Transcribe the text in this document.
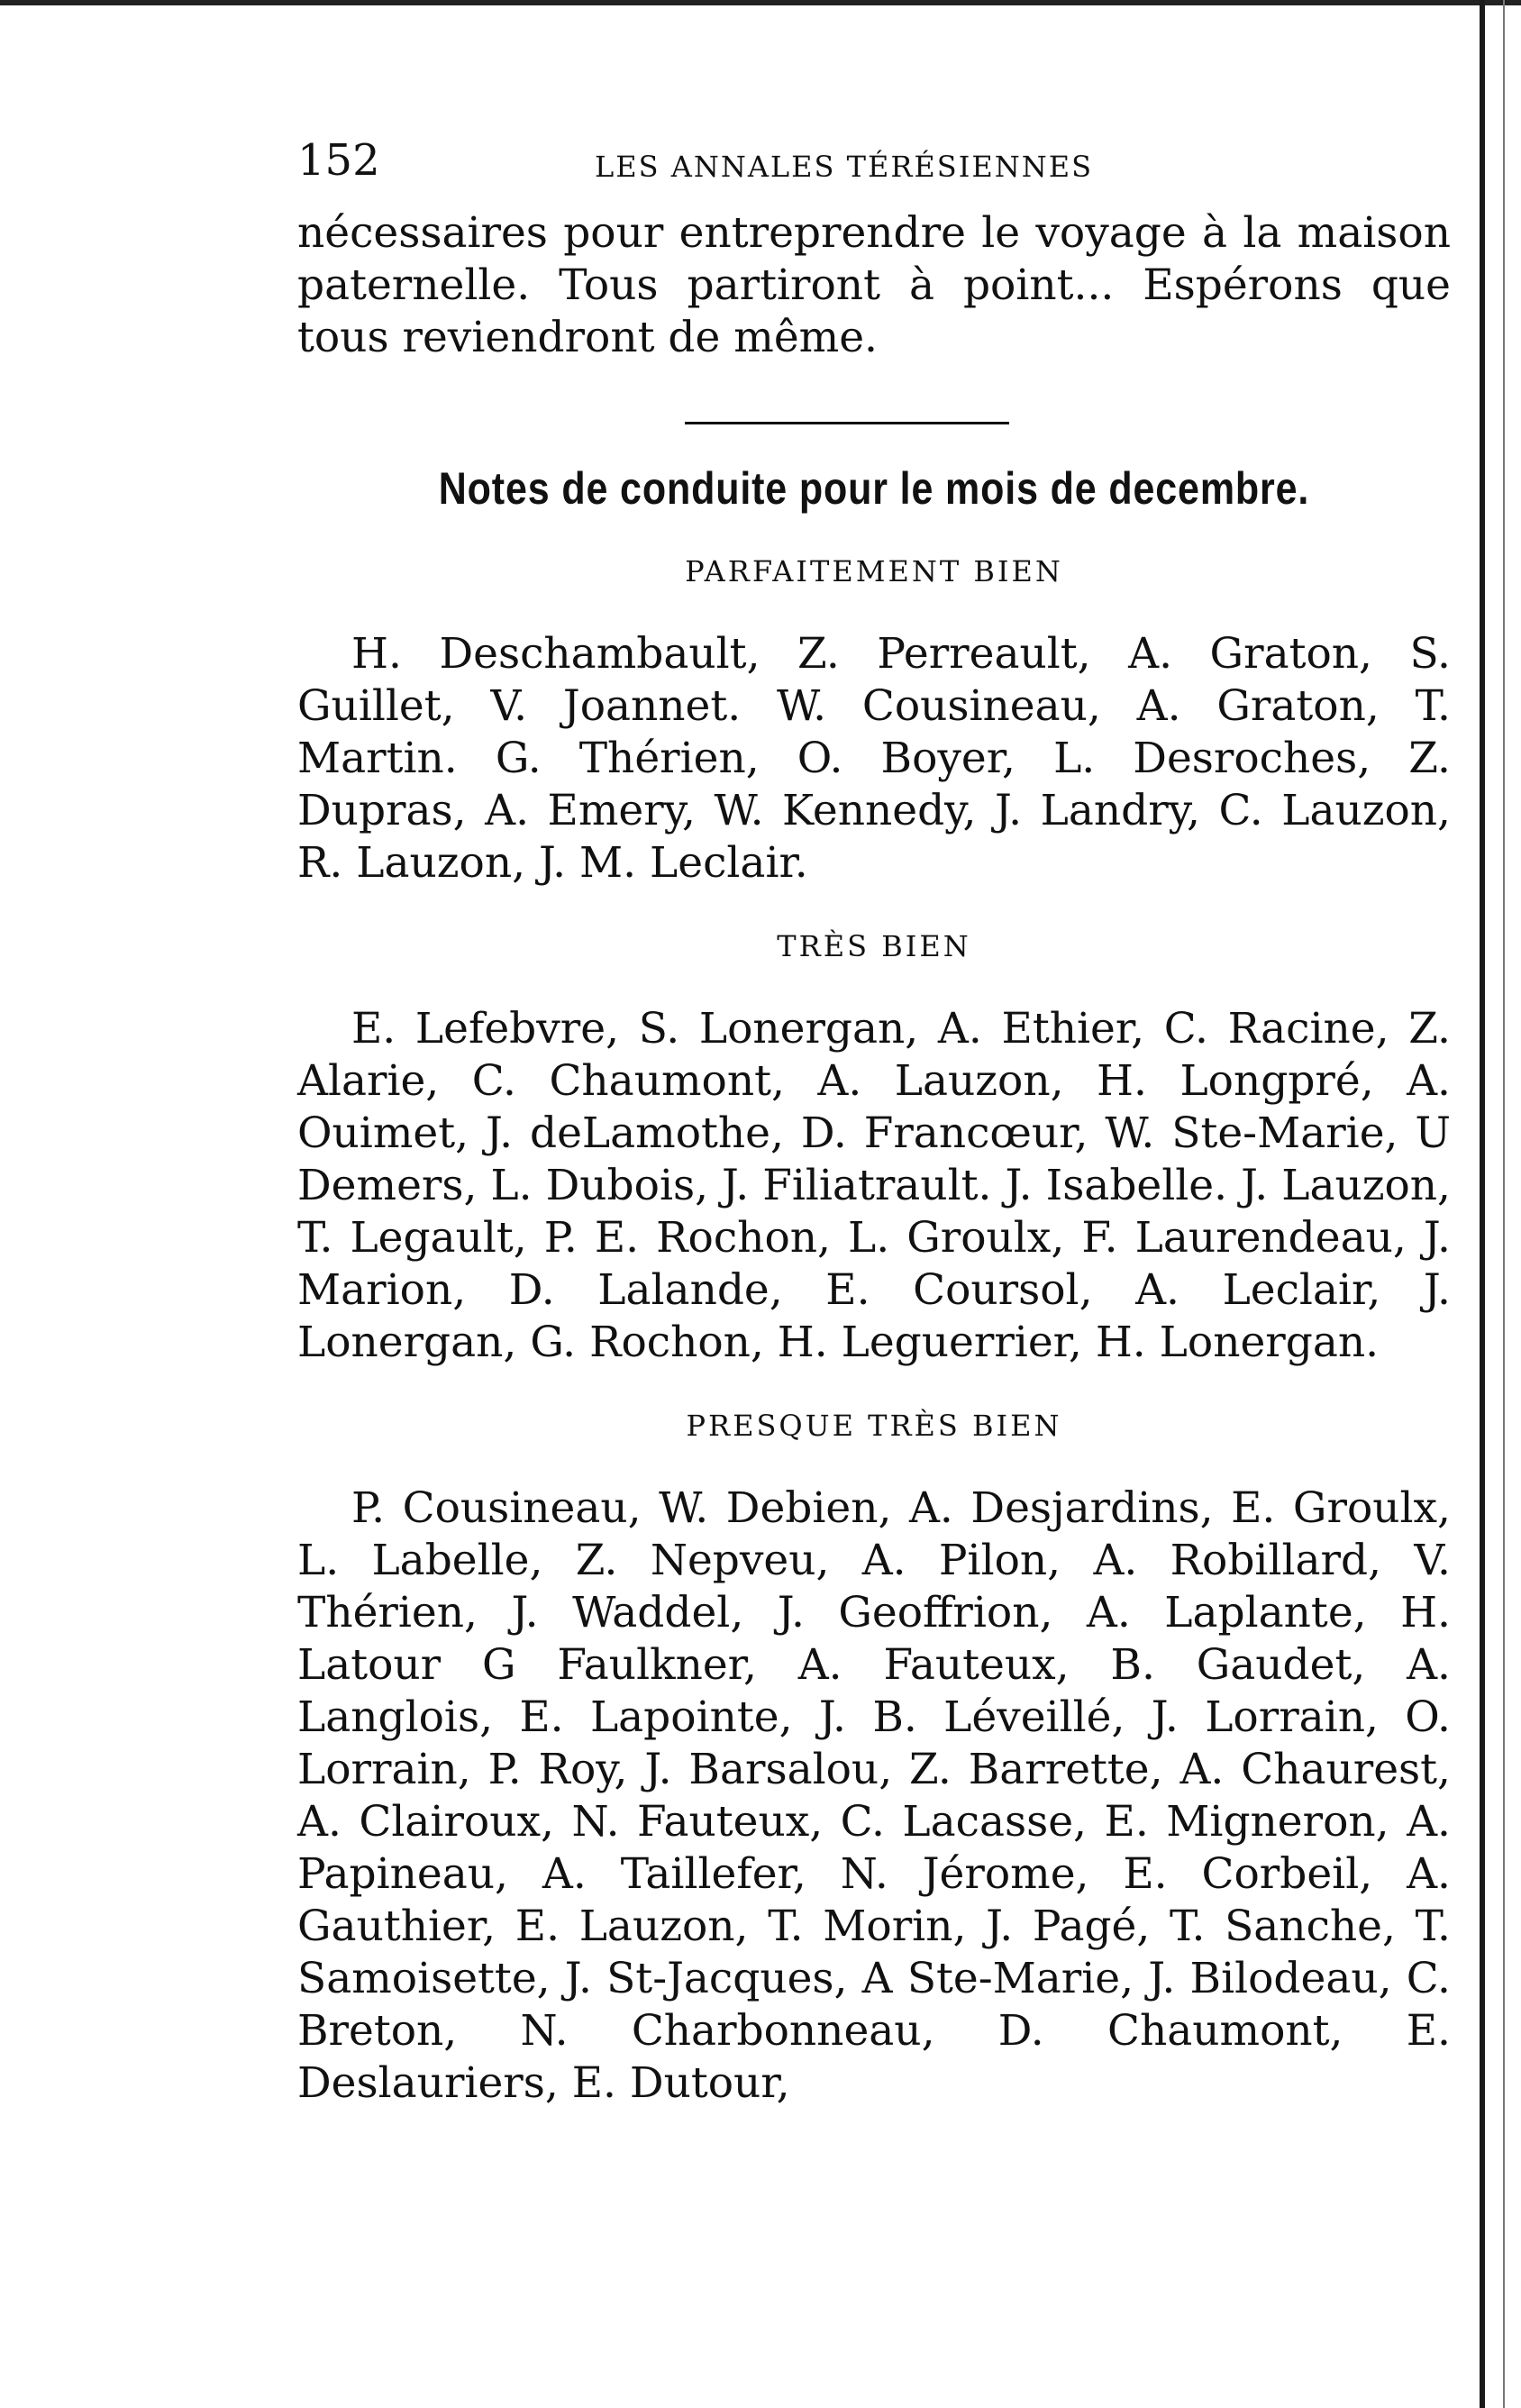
152	LES ANNALES TÉRÉSIENNES

nécessaires pour entreprendre le voyage à la maison paternelle. Tous partiront à point... Espérons que tous reviendront de même.

Notes de conduite pour le mois de decembre.
PARFAITEMENT BIEN

H. Deschambault, Z. Perreault, A. Graton, S. Guillet, V. Joannet. W. Cousineau, A. Graton, T. Martin. G. Thérien, O. Boyer, L. Desroches, Z. Dupras, A. Emery, W. Kennedy, J. Landry, C. Lauzon, R. Lauzon, J. M. Leclair.

TRÈS BIEN

E. Lefebvre, S. Lonergan, A. Ethier, C. Racine, Z. Alarie, C. Chaumont, A. Lauzon, H. Longpré, A. Ouimet, J. deLamothe, D. Francœur, W. Ste-Marie, U Demers, L. Dubois, J. Filiatrault. J. Isabelle. J. Lauzon, T. Legault, P. E. Rochon, L. Groulx, F. Laurendeau, J. Marion, D. Lalande, E. Coursol, A. Leclair, J. Lonergan, G. Rochon, H. Leguerrier, H. Lonergan.

PRESQUE TRÈS BIEN

P. Cousineau, W. Debien, A. Desjardins, E. Groulx, L. Labelle, Z. Nepveu, A. Pilon, A. Robillard, V. Thérien, J. Waddel, J. Geoffrion, A. Laplante, H. Latour G Faulkner, A. Fauteux, B. Gaudet, A. Langlois, E. Lapointe, J. B. Léveillé, J. Lorrain, O. Lorrain, P. Roy, J. Barsalou, Z. Barrette, A. Chaurest, A. Clairoux, N. Fauteux, C. Lacasse, E. Migneron, A. Papineau, A. Taillefer, N. Jérome, E. Corbeil, A. Gauthier, E. Lauzon, T. Morin, J. Pagé, T. Sanche, T. Samoisette, J. St-Jacques, A Ste-Marie, J. Bilodeau, C. Breton, N. Charbonneau, D. Chaumont, E. Deslauriers, E. Dutour,
